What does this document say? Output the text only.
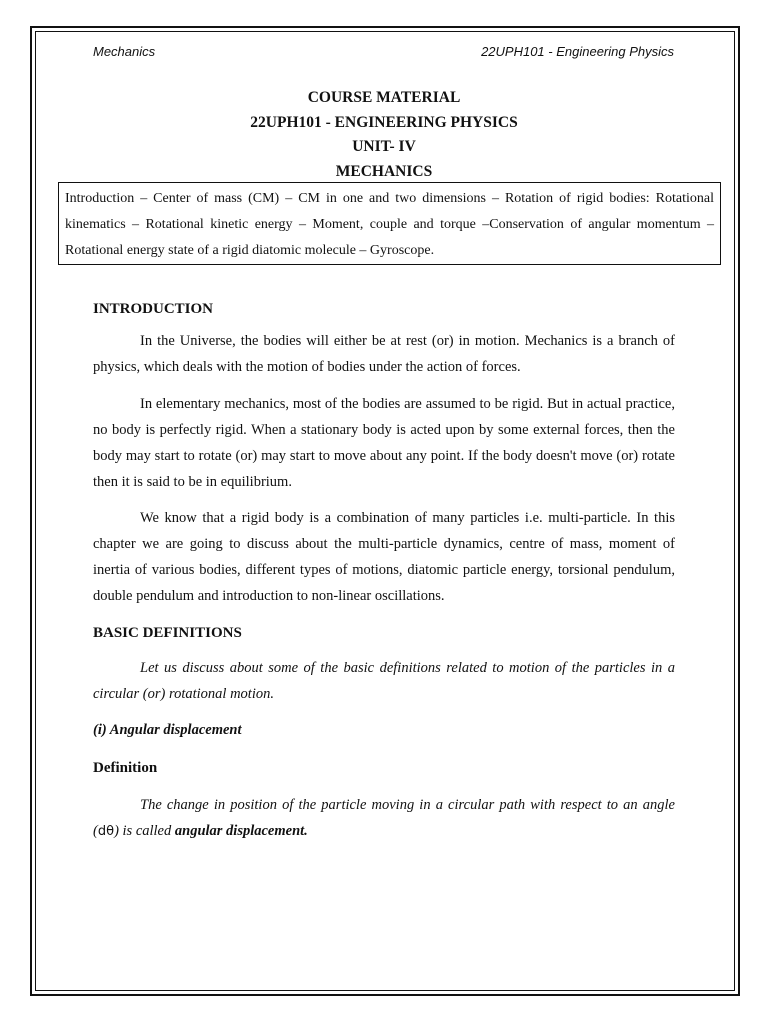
Mechanics	22UPH101 - Engineering Physics
COURSE MATERIAL
22UPH101 - ENGINEERING PHYSICS
UNIT- IV
MECHANICS
Introduction – Center of mass (CM) – CM in one and two dimensions – Rotation of rigid bodies: Rotational kinematics – Rotational kinetic energy – Moment, couple and torque –Conservation of angular momentum – Rotational energy state of a rigid diatomic molecule – Gyroscope.

INTRODUCTION

In the Universe, the bodies will either be at rest (or) in motion. Mechanics is a branch of physics, which deals with the motion of bodies under the action of forces.

In elementary mechanics, most of the bodies are assumed to be rigid. But in actual practice, no body is perfectly rigid. When a stationary body is acted upon by some external forces, then the body may start to rotate (or) may start to move about any point. If the body doesn't move (or) rotate then it is said to be in equilibrium.

We know that a rigid body is a combination of many particles i.e. multi-particle. In this chapter we are going to discuss about the multi-particle dynamics, centre of mass, moment of inertia of various bodies, different types of motions, diatomic particle energy, torsional pendulum, double pendulum and introduction to non-linear oscillations.

BASIC DEFINITIONS

Let us discuss about some of the basic definitions related to motion of the particles in a circular (or) rotational motion.

(i) Angular displacement

Definition

The change in position of the particle moving in a circular path with respect to an angle (dθ) is called angular displacement.
